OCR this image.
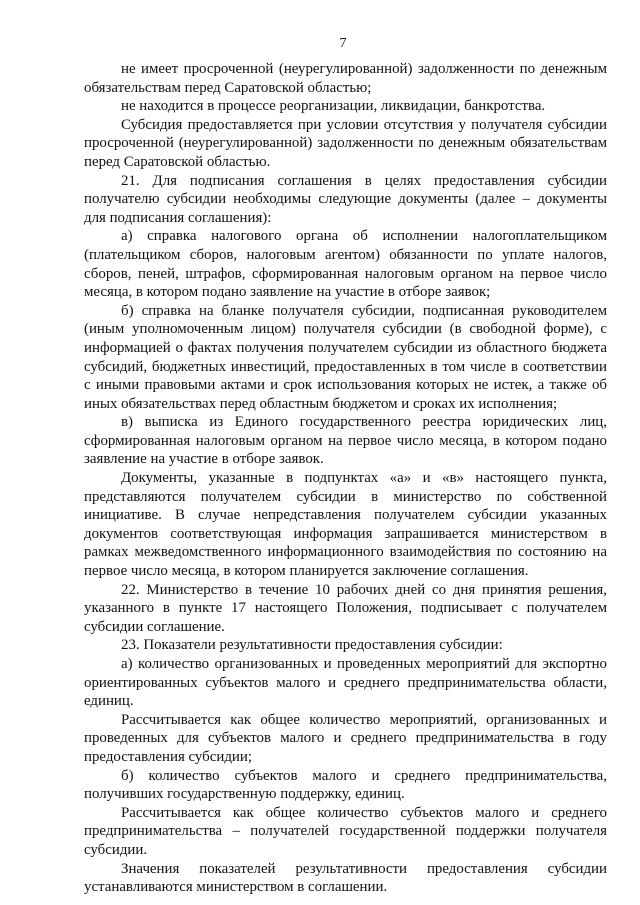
7

не имеет просроченной (неурегулированной) задолженности по денежным обязательствам перед Саратовской областью;

не находится в процессе реорганизации, ликвидации, банкротства.

Субсидия предоставляется при условии отсутствия у получателя субсидии просроченной (неурегулированной) задолженности по денежным обязательствам перед Саратовской областью.

21. Для подписания соглашения в целях предоставления субсидии получателю субсидии необходимы следующие документы (далее – документы для подписания соглашения):

а) справка налогового органа об исполнении налогоплательщиком (плательщиком сборов, налоговым агентом) обязанности по уплате налогов, сборов, пеней, штрафов, сформированная налоговым органом на первое число месяца, в котором подано заявление на участие в отборе заявок;

б) справка на бланке получателя субсидии, подписанная руководителем (иным уполномоченным лицом) получателя субсидии (в свободной форме), с информацией о фактах получения получателем субсидии из областного бюджета субсидий, бюджетных инвестиций, предоставленных в том числе в соответствии с иными правовыми актами и срок использования которых не истек, а также об иных обязательствах перед областным бюджетом и сроках их исполнения;

в) выписка из Единого государственного реестра юридических лиц, сформированная налоговым органом на первое число месяца, в котором подано заявление на участие в отборе заявок.

Документы, указанные в подпунктах «а» и «в» настоящего пункта, представляются получателем субсидии в министерство по собственной инициативе. В случае непредставления получателем субсидии указанных документов соответствующая информация запрашивается министерством в рамках межведомственного информационного взаимодействия по состоянию на первое число месяца, в котором планируется заключение соглашения.

22. Министерство в течение 10 рабочих дней со дня принятия решения, указанного в пункте 17 настоящего Положения, подписывает с получателем субсидии соглашение.

23. Показатели результативности предоставления субсидии:

а) количество организованных и проведенных мероприятий для экспортно ориентированных субъектов малого и среднего предпринимательства области, единиц.

Рассчитывается как общее количество мероприятий, организованных и проведенных для субъектов малого и среднего предпринимательства в году предоставления субсидии;

б) количество субъектов малого и среднего предпринимательства, получивших государственную поддержку, единиц.

Рассчитывается как общее количество субъектов малого и среднего предпринимательства – получателей государственной поддержки получателя субсидии.

Значения показателей результативности предоставления субсидии устанавливаются министерством в соглашении.
